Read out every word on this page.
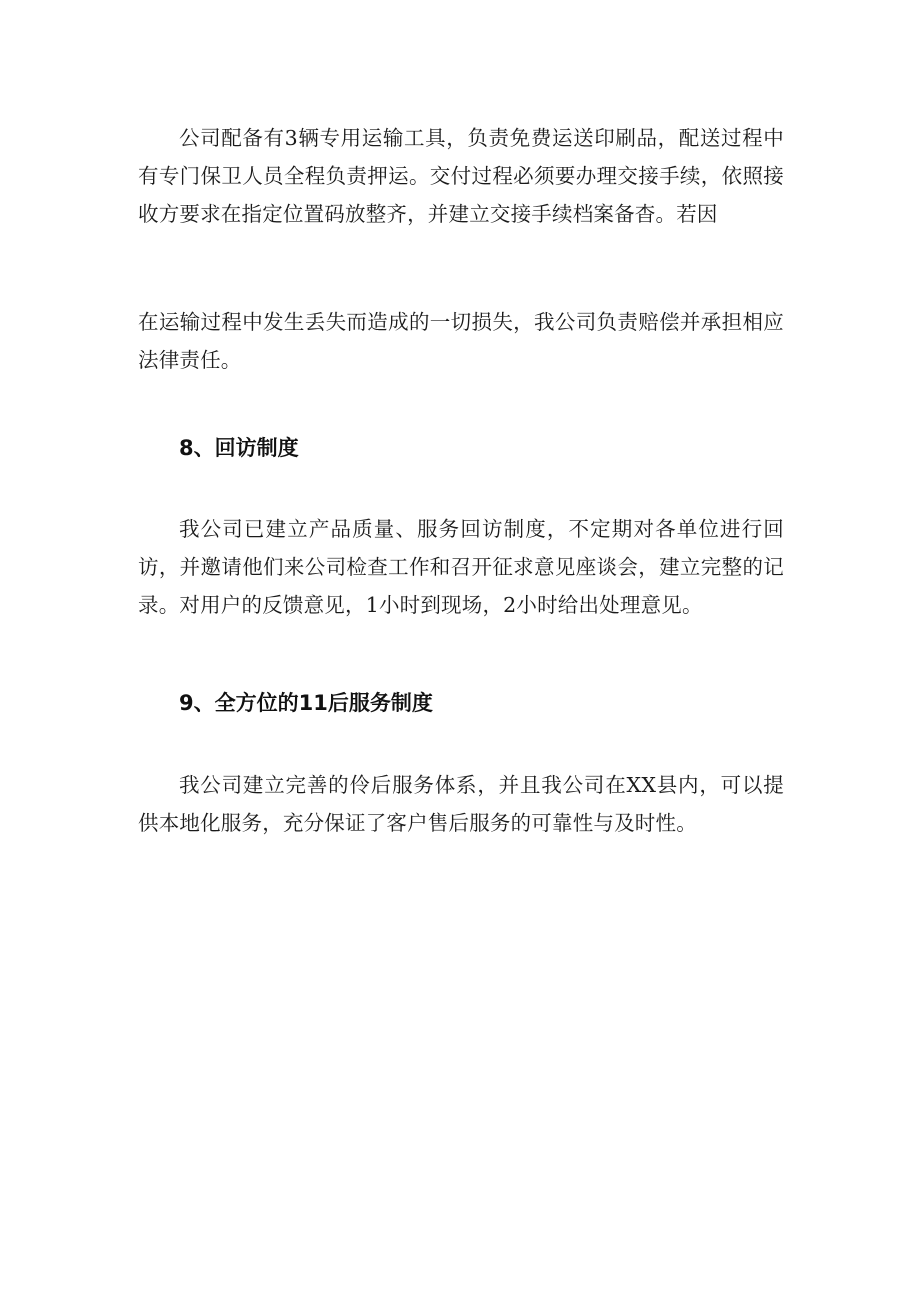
公司配备有3辆专用运输工具，负责免费运送印刷品，配送过程中有专门保卫人员全程负责押运。交付过程必须要办理交接手续，依照接收方要求在指定位置码放整齐，并建立交接手续档案备杳。若因

在运输过程中发生丢失而造成的一切损失，我公司负责赔偿并承担相应法律责任。

8、回访制度

我公司已建立产品质量、服务回访制度，不定期对各单位进行回访，并邀请他们来公司检查工作和召开征求意见座谈会，建立完整的记录。对用户的反馈意见，1小时到现场，2小时给出处理意见。

9、全方位的11后服务制度

我公司建立完善的伶后服务体系，并且我公司在XX县内，可以提供本地化服务，充分保证了客户售后服务的可靠性与及时性。
